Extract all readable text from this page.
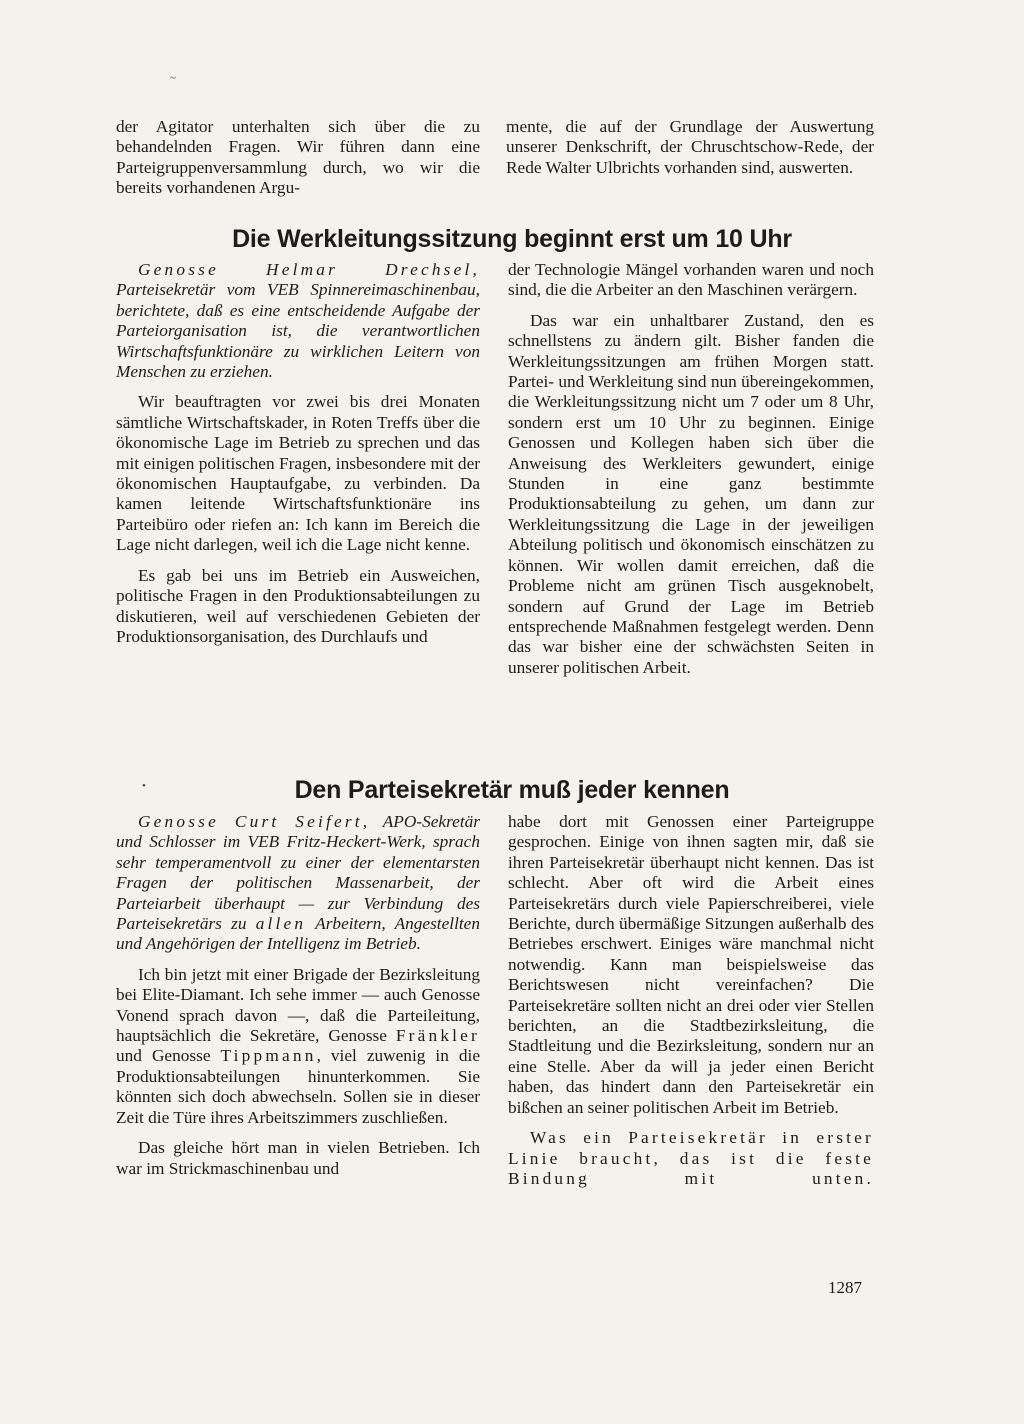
~
•

der Agitator unterhalten sich über die zu behandelnden Fragen. Wir führen dann eine Parteigruppenversammlung durch, wo wir die bereits vorhandenen Argu-

mente, die auf der Grundlage der Auswertung unserer Denkschrift, der Chruschtschow-Rede, der Rede Walter Ulbrichts vorhanden sind, auswerten.

Die Werkleitungssitzung beginnt erst um 10 Uhr

Genosse Helmar Drechsel, Parteisekretär vom VEB Spinnereimaschinenbau, berichtete, daß es eine entscheidende Aufgabe der Parteiorganisation ist, die verantwortlichen Wirtschaftsfunktionäre zu wirklichen Leitern von Menschen zu erziehen.

Wir beauftragten vor zwei bis drei Monaten sämtliche Wirtschaftskader, in Roten Treffs über die ökonomische Lage im Betrieb zu sprechen und das mit einigen politischen Fragen, insbesondere mit der ökonomischen Hauptaufgabe, zu verbinden. Da kamen leitende Wirtschaftsfunktionäre ins Parteibüro oder riefen an: Ich kann im Bereich die Lage nicht darlegen, weil ich die Lage nicht kenne.

Es gab bei uns im Betrieb ein Ausweichen, politische Fragen in den Produktionsabteilungen zu diskutieren, weil auf verschiedenen Gebieten der Produktionsorganisation, des Durchlaufs und

der Technologie Mängel vorhanden waren und noch sind, die die Arbeiter an den Maschinen verärgern.

Das war ein unhaltbarer Zustand, den es schnellstens zu ändern gilt. Bisher fanden die Werkleitungssitzungen am frühen Morgen statt. Partei- und Werkleitung sind nun übereingekommen, die Werkleitungssitzung nicht um 7 oder um 8 Uhr, sondern erst um 10 Uhr zu beginnen. Einige Genossen und Kollegen haben sich über die Anweisung des Werkleiters gewundert, einige Stunden in eine ganz bestimmte Produktionsabteilung zu gehen, um dann zur Werkleitungssitzung die Lage in der jeweiligen Abteilung politisch und ökonomisch einschätzen zu können. Wir wollen damit erreichen, daß die Probleme nicht am grünen Tisch ausgeknobelt, sondern auf Grund der Lage im Betrieb entsprechende Maßnahmen festgelegt werden. Denn das war bisher eine der schwächsten Seiten in unserer politischen Arbeit.

Den Parteisekretär muß jeder kennen

Genosse Curt Seifert, APO-Sekretär und Schlosser im VEB Fritz-Heckert-Werk, sprach sehr temperamentvoll zu einer der elementarsten Fragen der politischen Massenarbeit, der Parteiarbeit überhaupt — zur Verbindung des Parteisekretärs zu allen Arbeitern, Angestellten und Angehörigen der Intelligenz im Betrieb.

Ich bin jetzt mit einer Brigade der Bezirksleitung bei Elite-Diamant. Ich sehe immer — auch Genosse Vonend sprach davon —, daß die Parteileitung, hauptsächlich die Sekretäre, Genosse Fränkler und Genosse Tippmann, viel zuwenig in die Produktionsabteilungen hinunterkommen. Sie könnten sich doch abwechseln. Sollen sie in dieser Zeit die Türe ihres Arbeitszimmers zuschließen.

Das gleiche hört man in vielen Betrieben. Ich war im Strickmaschinenbau und

habe dort mit Genossen einer Parteigruppe gesprochen. Einige von ihnen sagten mir, daß sie ihren Parteisekretär überhaupt nicht kennen. Das ist schlecht. Aber oft wird die Arbeit eines Parteisekretärs durch viele Papierschreiberei, viele Berichte, durch übermäßige Sitzungen außerhalb des Betriebes erschwert. Einiges wäre manchmal nicht notwendig. Kann man beispielsweise das Berichtswesen nicht vereinfachen? Die Parteisekretäre sollten nicht an drei oder vier Stellen berichten, an die Stadtbezirksleitung, die Stadtleitung und die Bezirksleitung, sondern nur an eine Stelle. Aber da will ja jeder einen Bericht haben, das hindert dann den Parteisekretär ein bißchen an seiner politischen Arbeit im Betrieb.

Was ein Parteisekretär in erster Linie braucht, das ist die feste Bindung mit unten.

1287
